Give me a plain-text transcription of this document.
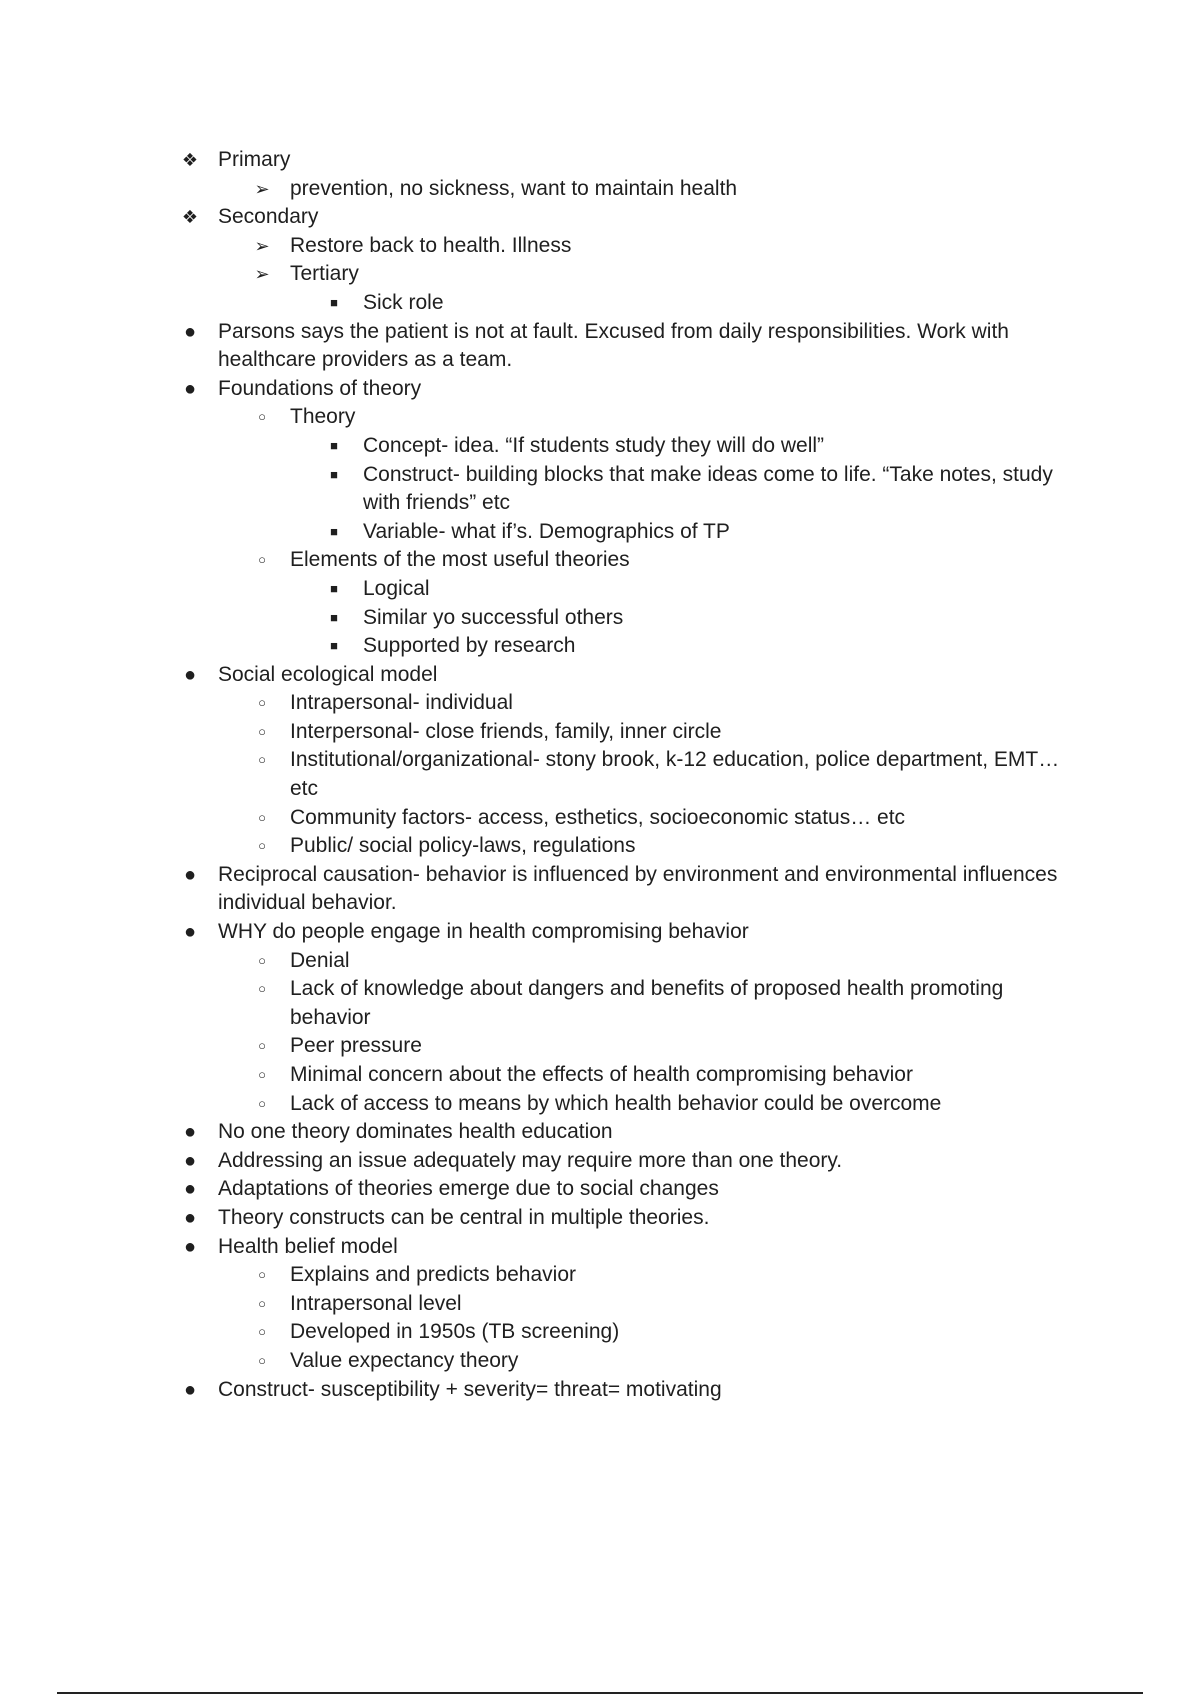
❖ Primary
➢ prevention, no sickness, want to maintain health
❖ Secondary
➢ Restore back to health. Illness
➢ Tertiary
■	Sick role
● Parsons says the patient is not at fault. Excused from daily responsibilities. Work with healthcare providers as a team.
● Foundations of theory
○	Theory
■	Concept- idea. “If students study they will do well”
■	Construct- building blocks that make ideas come to life. “Take notes, study with friends” etc
■	Variable- what if’s. Demographics of TP
○	Elements of the most useful theories
■	Logical
■	Similar yo successful others
■	Supported by research
● Social ecological model
○	Intrapersonal- individual
○	Interpersonal- close friends, family, inner circle
○	Institutional/organizational- stony brook, k-12 education, police department, EMT… etc
○	Community factors- access, esthetics, socioeconomic status… etc
○	Public/ social policy-laws, regulations
● Reciprocal causation- behavior is influenced by environment and environmental influences individual behavior.
● WHY do people engage in health compromising behavior
○	Denial
○	Lack of knowledge about dangers and benefits of proposed health promoting behavior
○	Peer pressure
○	Minimal concern about the effects of health compromising behavior
○	Lack of access to means by which health behavior could be overcome
● No one theory dominates health education
● Addressing an issue adequately may require more than one theory.
● Adaptations of theories emerge due to social changes
● Theory constructs can be central in multiple theories.
● Health belief model
○	Explains and predicts behavior
○	Intrapersonal level
○	Developed in 1950s (TB screening)
○	Value expectancy theory
● Construct- susceptibility + severity= threat= motivating
